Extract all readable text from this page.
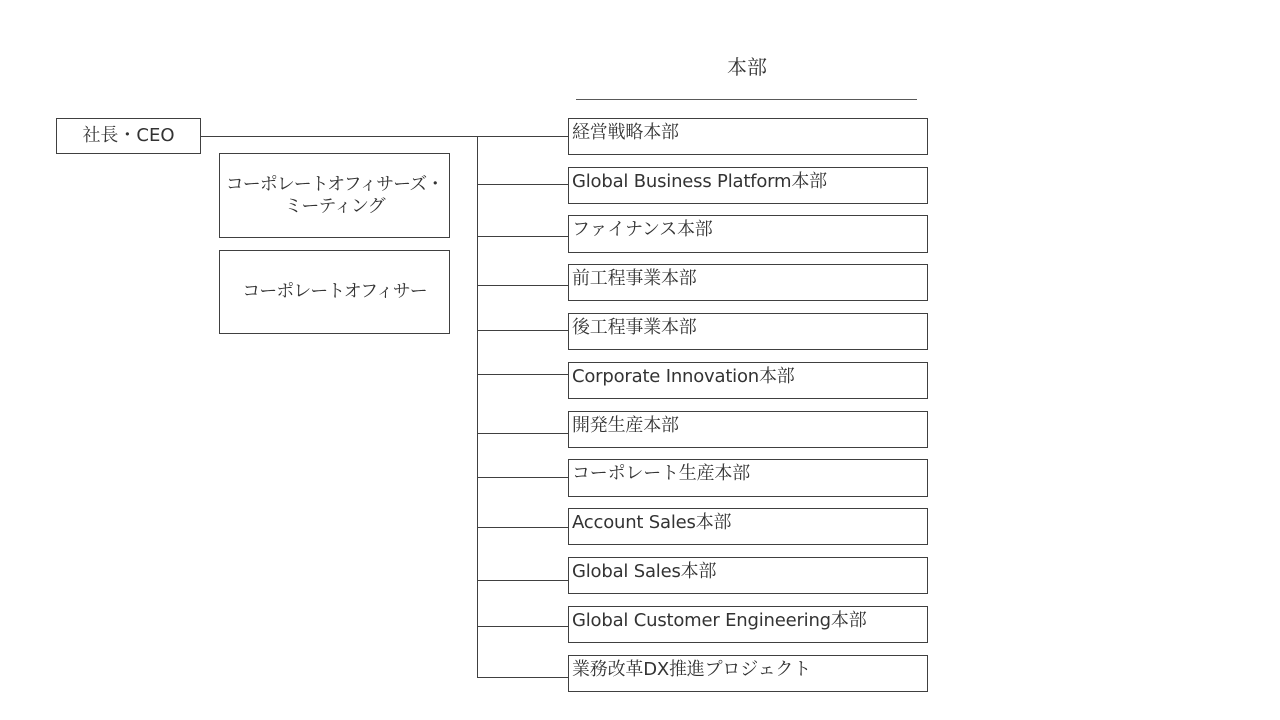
本部
社長・CEO
コーポレートオフィサーズ・
ミーティング
コーポレートオフィサー
経営戦略本部
Global Business Platform本部
ファイナンス本部
前工程事業本部
後工程事業本部
Corporate Innovation本部
開発生産本部
コーポレート生産本部
Account Sales本部
Global Sales本部
Global Customer Engineering本部
業務改革DX推進プロジェクト
